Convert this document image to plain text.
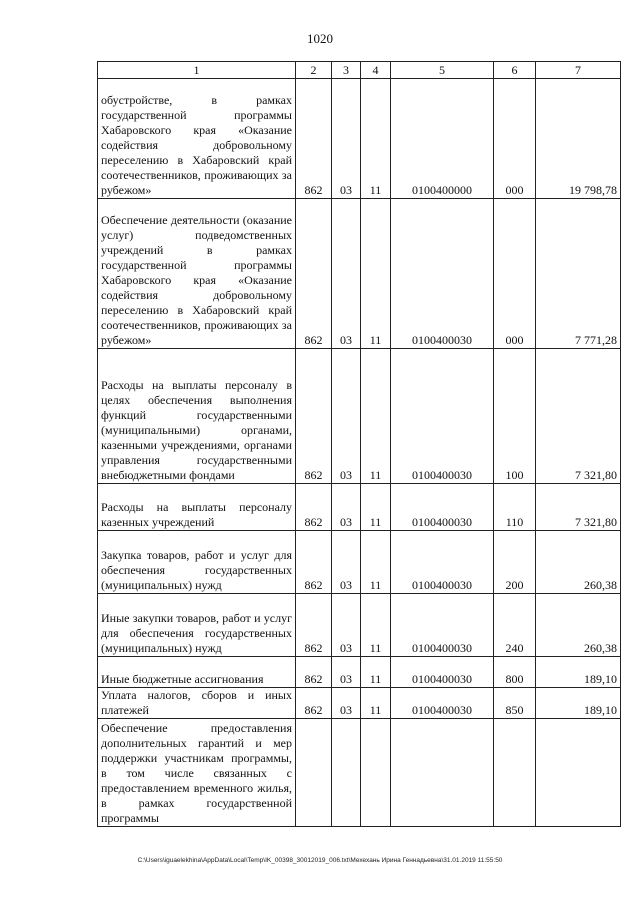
1020
1	2	3	4	5	6	7
обустройстве, в рамках государственной программы Хабаровского края «Оказание содействия добровольному переселению в Хабаровский край соотечественников, проживающих за рубежом»	862	03	11	0100400000	000	19 798,78
Обеспечение деятельности (оказание услуг) подведомственных учреждений в рамках государственной программы Хабаровского края «Оказание содействия добровольному переселению в Хабаровский край соотечественников, проживающих за рубежом»	862	03	11	0100400030	000	7 771,28
Расходы на выплаты персоналу в целях обеспечения выполнения функций государственными (муниципальными) органами, казенными учреждениями, органами управления государственными внебюджетными фондами	862	03	11	0100400030	100	7 321,80
Расходы на выплаты персоналу казенных учреждений	862	03	11	0100400030	110	7 321,80
Закупка товаров, работ и услуг для обеспечения государственных (муниципальных) нужд	862	03	11	0100400030	200	260,38
Иные закупки товаров, работ и услуг для обеспечения государственных (муниципальных) нужд	862	03	11	0100400030	240	260,38
Иные бюджетные ассигнования	862	03	11	0100400030	800	189,10
Уплата налогов, сборов и иных платежей	862	03	11	0100400030	850	189,10
Обеспечение предоставления дополнительных гарантий и мер поддержки участникам программы, в том числе связанных с предоставлением временного жилья, в рамках государственной программы						
C:\Users\iguaelekhina\AppData\Local\Temp\IK_00398_30012019_006.txt\Мехехань Ирина Геннадьевна\31.01.2019 11:55:50
